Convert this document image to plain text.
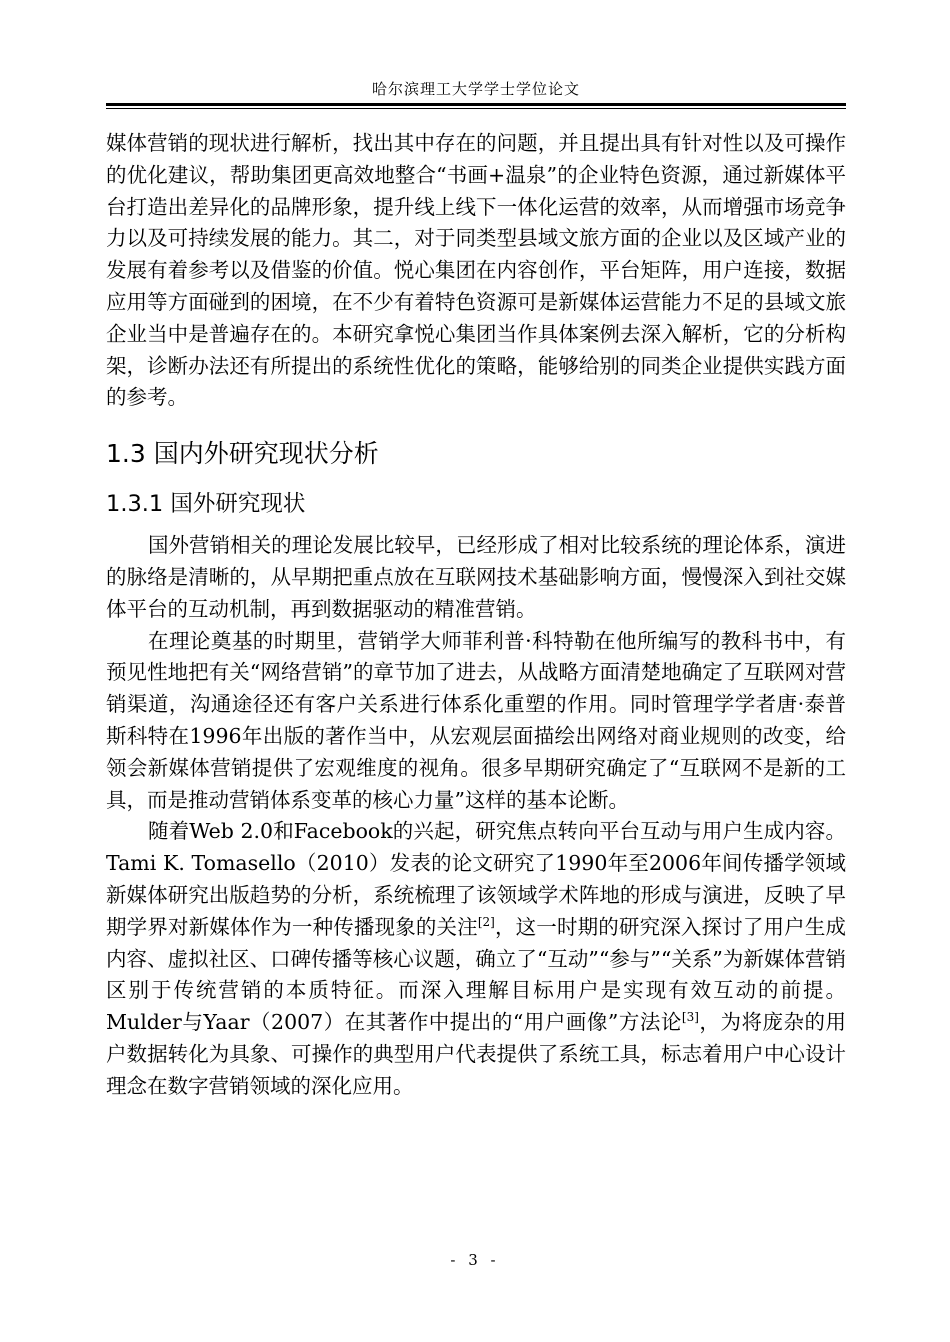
哈尔滨理工大学学士学位论文

媒体营销的现状进行解析，找出其中存在的问题，并且提出具有针对性以及可操作的优化建议，帮助集团更高效地整合“书画+温泉”的企业特色资源，通过新媒体平台打造出差异化的品牌形象，提升线上线下一体化运营的效率，从而增强市场竞争力以及可持续发展的能力。其二，对于同类型县域文旅方面的企业以及区域产业的发展有着参考以及借鉴的价值。悦心集团在内容创作，平台矩阵，用户连接，数据应用等方面碰到的困境，在不少有着特色资源可是新媒体运营能力不足的县域文旅企业当中是普遍存在的。本研究拿悦心集团当作具体案例去深入解析，它的分析构架，诊断办法还有所提出的系统性优化的策略，能够给别的同类企业提供实践方面的参考。

1.3 国内外研究现状分析
1.3.1 国外研究现状

国外营销相关的理论发展比较早，已经形成了相对比较系统的理论体系，演进的脉络是清晰的，从早期把重点放在互联网技术基础影响方面，慢慢深入到社交媒体平台的互动机制，再到数据驱动的精准营销。

在理论奠基的时期里，营销学大师菲利普·科特勒在他所编写的教科书中，有预见性地把有关“网络营销”的章节加了进去，从战略方面清楚地确定了互联网对营销渠道，沟通途径还有客户关系进行体系化重塑的作用。同时管理学学者唐·泰普斯科特在1996年出版的著作当中，从宏观层面描绘出网络对商业规则的改变，给领会新媒体营销提供了宏观维度的视角。很多早期研究确定了“互联网不是新的工具，而是推动营销体系变革的核心力量”这样的基本论断。

随着Web 2.0和Facebook的兴起，研究焦点转向平台互动与用户生成内容。Tami K. Tomasello（2010）发表的论文研究了1990年至2006年间传播学领域新媒体研究出版趋势的分析，系统梳理了该领域学术阵地的形成与演进，反映了早期学界对新媒体作为一种传播现象的关注[2]，这一时期的研究深入探讨了用户生成内容、虚拟社区、口碑传播等核心议题，确立了“互动”“参与”“关系”为新媒体营销区别于传统营销的本质特征。而深入理解目标用户是实现有效互动的前提。Mulder与Yaar（2007）在其著作中提出的“用户画像”方法论[3]，为将庞杂的用户数据转化为具象、可操作的典型用户代表提供了系统工具，标志着用户中心设计理念在数字营销领域的深化应用。

- 3 -
